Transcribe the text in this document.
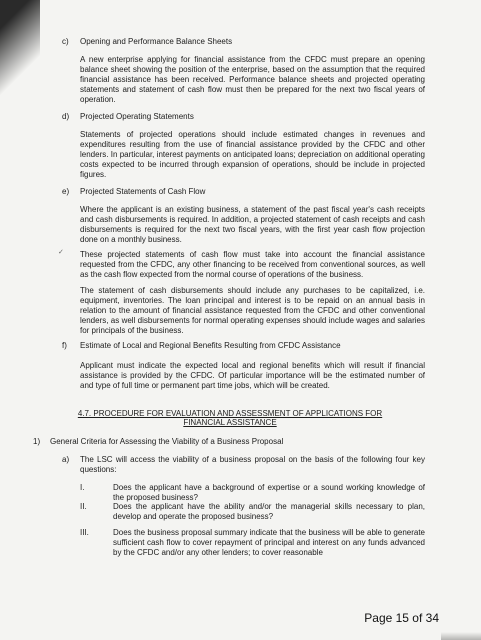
c) Opening and Performance Balance Sheets
A new enterprise applying for financial assistance from the CFDC must prepare an opening balance sheet showing the position of the enterprise, based on the assumption that the required financial assistance has been received. Performance balance sheets and projected operating statements and statement of cash flow must then be prepared for the next two fiscal years of operation.
d) Projected Operating Statements
Statements of projected operations should include estimated changes in revenues and expenditures resulting from the use of financial assistance provided by the CFDC and other lenders. In particular, interest payments on anticipated loans; depreciation on additional operating costs expected to be incurred through expansion of operations, should be include in projected figures.
e) Projected Statements of Cash Flow
Where the applicant is an existing business, a statement of the past fiscal year's cash receipts and cash disbursements is required. In addition, a projected statement of cash receipts and cash disbursements is required for the next two fiscal years, with the first year cash flow projection done on a monthly business.
These projected statements of cash flow must take into account the financial assistance requested from the CFDC, any other financing to be received from conventional sources, as well as the cash flow expected from the normal course of operations of the business.
The statement of cash disbursements should include any purchases to be capitalized, i.e. equipment, inventories. The loan principal and interest is to be repaid on an annual basis in relation to the amount of financial assistance requested from the CFDC and other conventional lenders, as well disbursements for normal operating expenses should include wages and salaries for principals of the business.
✓
f) Estimate of Local and Regional Benefits Resulting from CFDC Assistance
Applicant must indicate the expected local and regional benefits which will result if financial assistance is provided by the CFDC. Of particular importance will be the estimated number of and type of full time or permanent part time jobs, which will be created.
4.7. PROCEDURE FOR EVALUATION AND ASSESSMENT OF APPLICATIONS FOR
FINANCIAL ASSISTANCE
1) General Criteria for Assessing the Viability of a Business Proposal
a) The LSC will access the viability of a business proposal on the basis of the following four key questions:
I.	Does the applicant have a background of expertise or a sound working knowledge of the proposed business?
II.	Does the applicant have the ability and/or the managerial skills necessary to plan, develop and operate the proposed business?
III.	Does the business proposal summary indicate that the business will be able to generate sufficient cash flow to cover repayment of principal and interest on any funds advanced by the CFDC and/or any other lenders; to cover reasonable
Page 15 of 34
